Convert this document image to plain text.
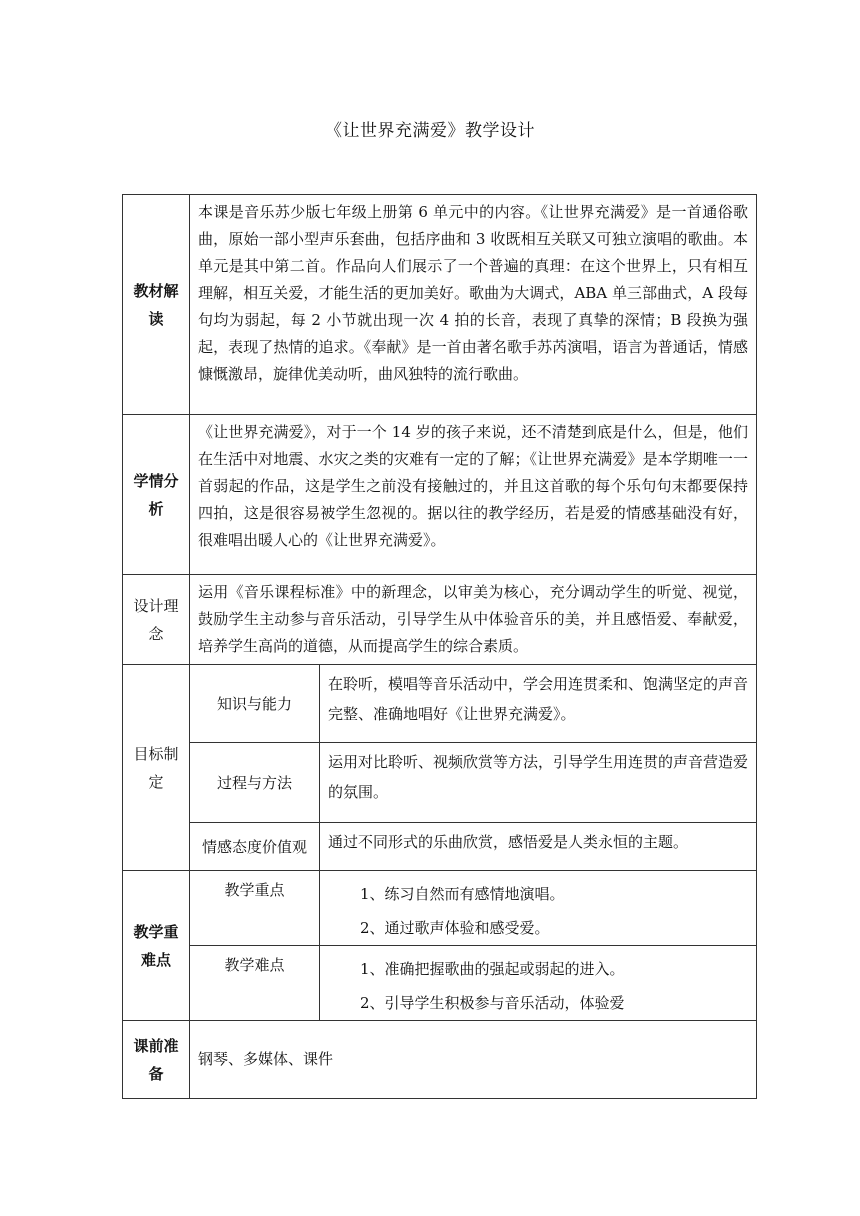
《让世界充满爱》教学设计
教材解读	本课是音乐苏少版七年级上册第 6 单元中的内容。《让世界充满爱》是一首通俗歌曲，原始一部小型声乐套曲，包括序曲和 3 收既相互关联又可独立演唱的歌曲。本单元是其中第二首。作品向人们展示了一个普遍的真理：在这个世界上，只有相互理解，相互关爱，才能生活的更加美好。歌曲为大调式，ABA 单三部曲式，A 段每句均为弱起，每 2 小节就出现一次 4 拍的长音，表现了真挚的深情；B 段换为强起，表现了热情的追求。《奉献》是一首由著名歌手苏芮演唱，语言为普通话，情感慷慨激昂，旋律优美动听，曲风独特的流行歌曲。	
学情分析	《让世界充满爱》，对于一个 14 岁的孩子来说，还不清楚到底是什么，但是，他们在生活中对地震、水灾之类的灾难有一定的了解；《让世界充满爱》是本学期唯一一首弱起的作品，这是学生之前没有接触过的，并且这首歌的每个乐句句末都要保持四拍，这是很容易被学生忽视的。据以往的教学经历，若是爱的情感基础没有好，很难唱出暖人心的《让世界充满爱》。	
设计理念	运用《音乐课程标准》中的新理念，以审美为核心，充分调动学生的听觉、视觉，鼓励学生主动参与音乐活动，引导学生从中体验音乐的美，并且感悟爱、奉献爱，培养学生高尚的道德，从而提高学生的综合素质。	
目标制定	知识与能力	在聆听，模唱等音乐活动中，学会用连贯柔和、饱满坚定的声音完整、准确地唱好《让世界充满爱》。
	过程与方法	运用对比聆听、视频欣赏等方法，引导学生用连贯的声音营造爱的氛围。
	情感态度价值观	通过不同形式的乐曲欣赏，感悟爱是人类永恒的主题。
教学重难点	教学重点	1、练习自然而有感情地演唱。
2、通过歌声体验和感受爱。

	教学难点	1、准确把握歌曲的强起或弱起的进入。
2、引导学生积极参与音乐活动，体验爱

课前准备	钢琴、多媒体、课件	
